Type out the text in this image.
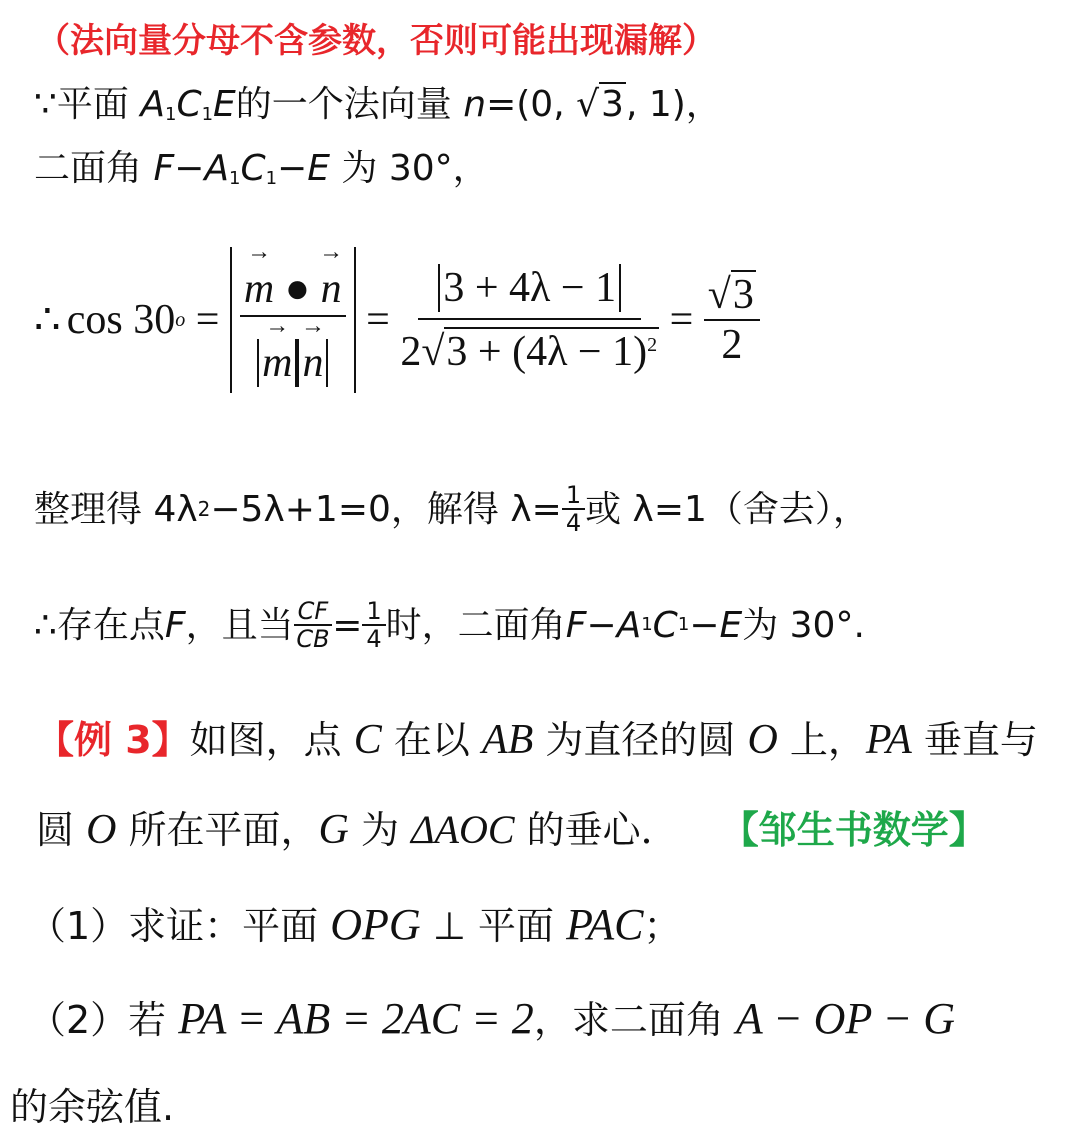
（法向量分母不含参数，否则可能出现漏解）
∵平面 $A_1C_1E$的一个法向量 n=(0, √3, 1)，
二面角 $F-A_1C_1-E$ 为 30°，
∴ cos 30 o = → m ● → n
→ $m \to n = \frac{3 + 4\lambda - 1}{2√3 + (4\lambda - 1)^2} = \frac{√3}{2}$
整理得 4λ 2 −5λ+1=0，解得 $\lambda= \frac{1}{4}$ 或 λ=1（舍去），
∴ 存在点 F ，且当 $\frac{CF}{CB} = \frac{1}{4}$ 时，二面角 F − A 1 C 1 − E 为 30°.
【例 3】如图，点 C 在以 AB 为直径的圆 O 上，PA 垂直与
圆 O 所在平面，G 为 ΔAOC 的垂心． 【邹生书数学】
（1）求证：平面 OPG ⊥ 平面 PAC；
（2）若 PA = AB = 2AC = 2，求二面角 A − OP − G
的余弦值.
